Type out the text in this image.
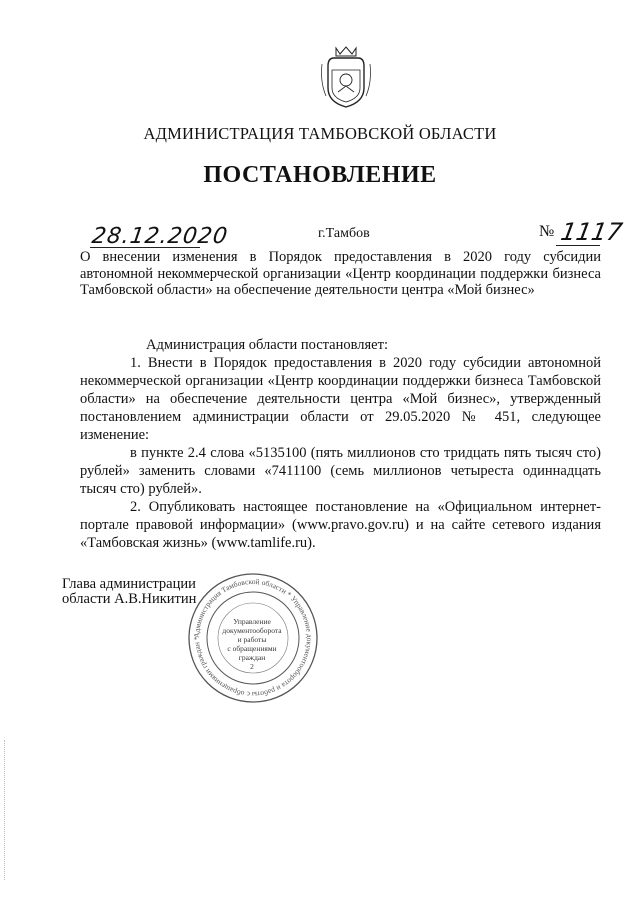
АДМИНИСТРАЦИЯ ТАМБОВСКОЙ ОБЛАСТИ
ПОСТАНОВЛЕНИЕ
28.12.2020	г.Тамбов	№ 1117
О внесении изменения в Порядок предоставления в 2020 году субсидии автономной некоммерческой организации «Центр координации поддержки бизнеса Тамбовской области» на обеспечение деятельности центра «Мой бизнес»

Администрация области постановляет:

1. Внести в Порядок предоставления в 2020 году субсидии автономной некоммерческой организации «Центр координации поддержки бизнеса Тамбовской области» на обеспечение деятельности центра «Мой бизнес», утвержденный постановлением администрации области от 29.05.2020 № 451, следующее изменение:

в пункте 2.4 слова «5135100 (пять миллионов сто тридцать пять тысяч сто) рублей» заменить словами «7411100 (семь миллионов четыреста одиннадцать тысяч сто) рублей».

2. Опубликовать настоящее постановление на «Официальном интернет-портале правовой информации» (www.pravo.gov.ru) и на сайте сетевого издания «Тамбовская жизнь» (www.tamlife.ru).

Глава администрации
области А.В.Никитин
Администрация Тамбовской области * Управление документооборота и работы с обращениями граждан *
Управление
документооборота
и работы
с обращениями
граждан
2
